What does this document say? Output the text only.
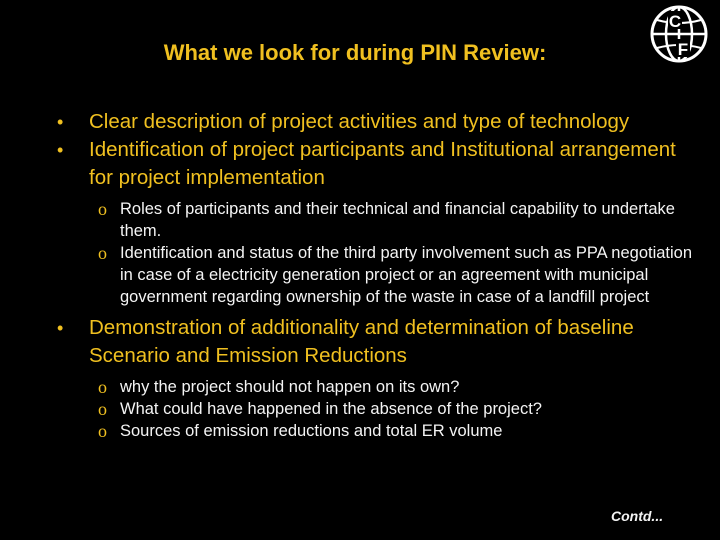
What we look for during PIN Review:
C
F
• Clear description of project activities and type of technology
• Identification of project participants and Institutional arrangement for project implementation
o Roles of participants and their technical and financial capability to undertake them.
o Identification and status of the third party involvement such as PPA negotiation in case of a electricity generation project or an agreement with municipal government regarding ownership of the waste in case of a landfill project
• Demonstration of additionality and determination of baseline Scenario and Emission Reductions
o why the project should not happen on its own?
o What could have happened in the absence of the project?
o Sources of emission reductions and total ER volume
Contd...
